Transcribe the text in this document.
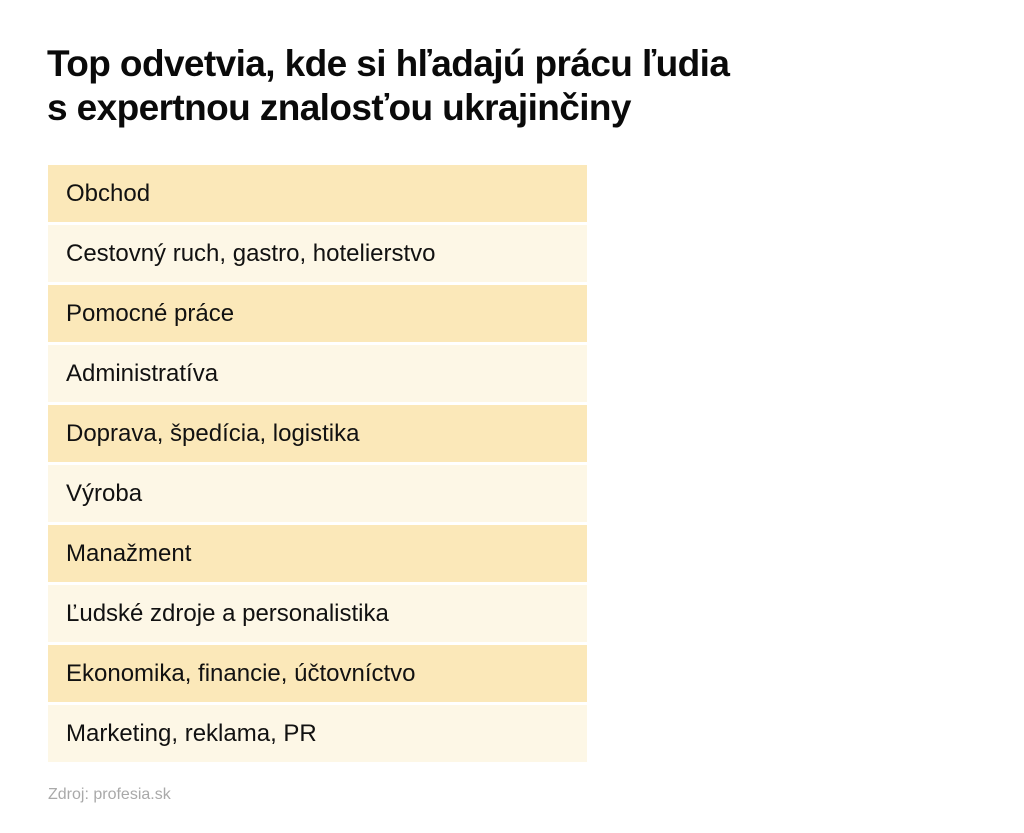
Top odvetvia, kde si hľadajú prácu ľudia
s expertnou znalosťou ukrajinčiny
Obchod
Cestovný ruch, gastro, hotelierstvo
Pomocné práce
Administratíva
Doprava, špedícia, logistika
Výroba
Manažment
Ľudské zdroje a personalistika
Ekonomika, financie, účtovníctvo
Marketing, reklama, PR
Zdroj: profesia.sk
